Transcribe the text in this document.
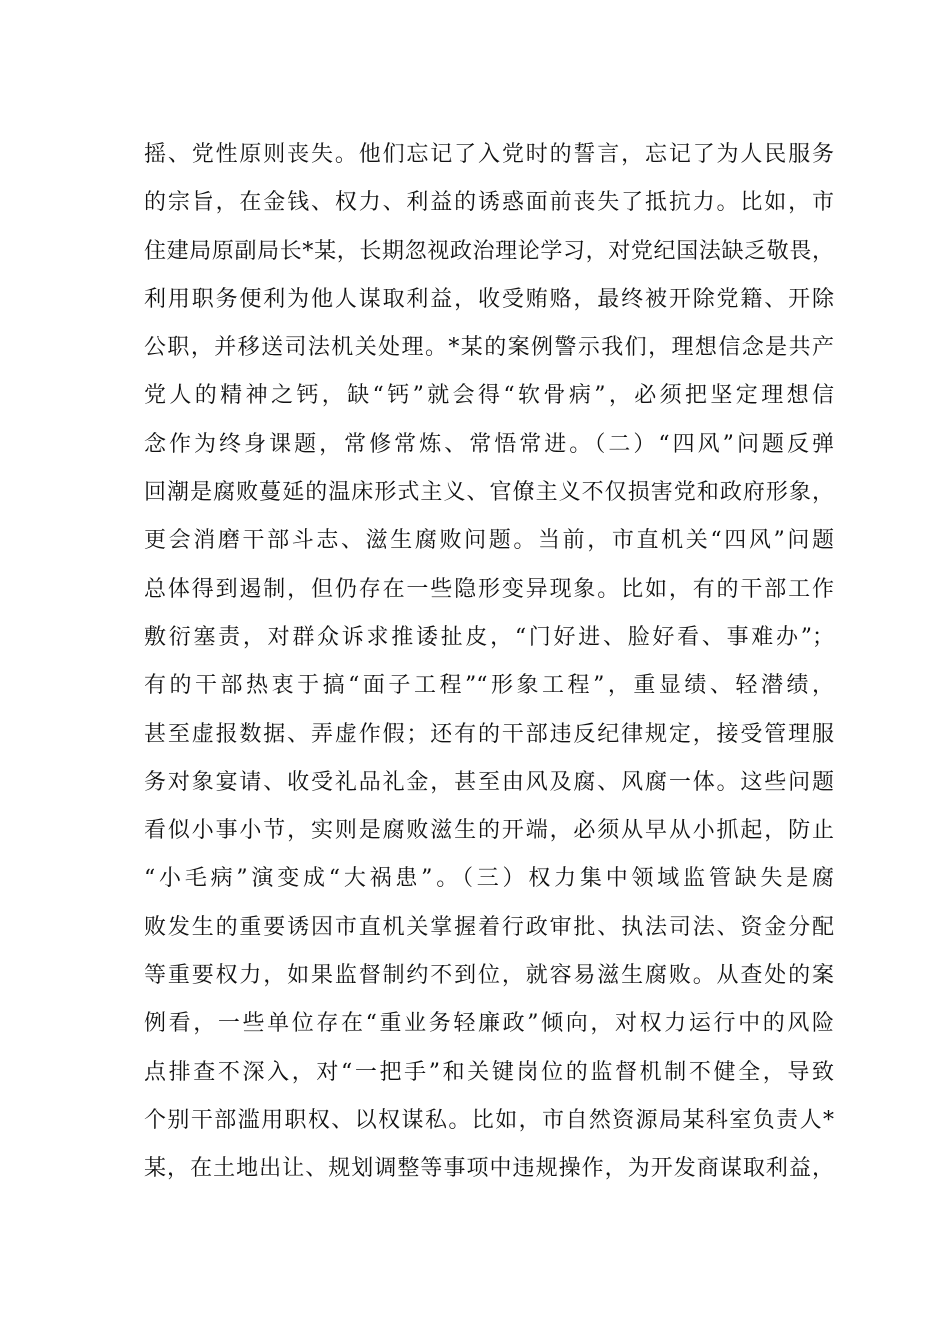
摇、党性原则丧失。他们忘记了入党时的誓言，忘记了为人民服务
的宗旨，在金钱、权力、利益的诱惑面前丧失了抵抗力。比如，市
住建局原副局长*某，长期忽视政治理论学习，对党纪国法缺乏敬畏，
利用职务便利为他人谋取利益，收受贿赂，最终被开除党籍、开除
公职，并移送司法机关处理。*某的案例警示我们，理想信念是共产
党人的精神之钙，缺“钙”就会得“软骨病”，必须把坚定理想信
念作为终身课题，常修常炼、常悟常进。（二）“四风”问题反弹
回潮是腐败蔓延的温床形式主义、官僚主义不仅损害党和政府形象，
更会消磨干部斗志、滋生腐败问题。当前，市直机关“四风”问题
总体得到遏制，但仍存在一些隐形变异现象。比如，有的干部工作
敷衍塞责，对群众诉求推诿扯皮，“门好进、脸好看、事难办”；
有的干部热衷于搞“面子工程”“形象工程”，重显绩、轻潜绩，
甚至虚报数据、弄虚作假；还有的干部违反纪律规定，接受管理服
务对象宴请、收受礼品礼金，甚至由风及腐、风腐一体。这些问题
看似小事小节，实则是腐败滋生的开端，必须从早从小抓起，防止
“小毛病”演变成“大祸患”。（三）权力集中领域监管缺失是腐
败发生的重要诱因市直机关掌握着行政审批、执法司法、资金分配
等重要权力，如果监督制约不到位，就容易滋生腐败。从查处的案
例看，一些单位存在“重业务轻廉政”倾向，对权力运行中的风险
点排查不深入，对“一把手”和关键岗位的监督机制不健全，导致
个别干部滥用职权、以权谋私。比如，市自然资源局某科室负责人*
某，在土地出让、规划调整等事项中违规操作，为开发商谋取利益，
